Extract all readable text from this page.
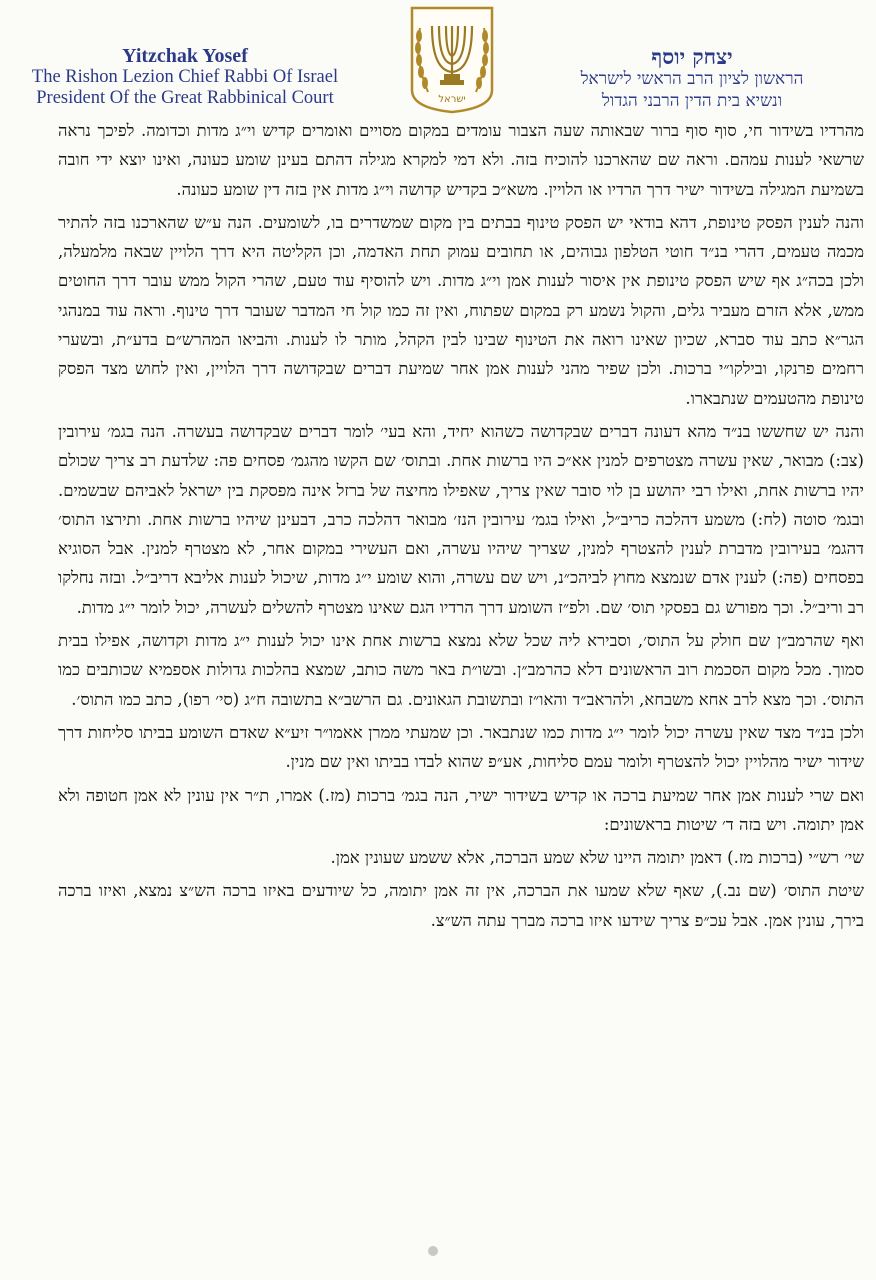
Yitzchak Yosef
The Rishon Lezion Chief Rabbi Of Israel
President Of the Great Rabbinical Court	ישראל
יצחק יוסף
הראשון לציון הרב הראשי לישראל
ונשיא בית הדין הרבני הגדול

מהרדיו בשידור חי, סוף סוף ברור שבאותה שעה הצבור עומדים במקום מסויים ואומרים קדיש וי״ג מדות וכדומה. לפיכך נראה שרשאי לענות עמהם. וראה שם שהארכנו להוכיח בזה. ולא דמי למקרא מגילה דהתם בעינן שומע כעונה, ואינו יוצא ידי חובה בשמיעת המגילה בשידור ישיר דרך הרדיו או הלויין. משא״כ בקדיש קדושה וי״ג מדות אין בזה דין שומע כעונה.

והנה לענין הפסק טינופת, דהא בודאי יש הפסק טינוף בבתים בין מקום שמשדרים בו, לשומעים. הנה ע״ש שהארכנו בזה להתיר מכמה טעמים, דהרי בנ״ד חוטי הטלפון גבוהים, או תחובים עמוק תחת האדמה, וכן הקליטה היא דרך הלויין שבאה מלמעלה, ולכן בכה״ג אף שיש הפסק טינופת אין איסור לענות אמן וי״ג מדות. ויש להוסיף עוד טעם, שהרי הקול ממש עובר דרך החוטים ממש, אלא הזרם מעביר גלים, והקול נשמע רק במקום שפתוח, ואין זה כמו קול חי המדבר שעובר דרך טינוף. וראה עוד במנהגי הגר״א כתב עוד סברא, שכיון שאינו רואה את הטינוף שבינו לבין הקהל, מותר לו לענות. והביאו המהרש״ם בדע״ת, ובשערי רחמים פרנקו, ובילקו״י ברכות. ולכן שפיר מהני לענות אמן אחר שמיעת דברים שבקדושה דרך הלויין, ואין לחוש מצד הפסק טינופת מהטעמים שנתבארו.

והנה יש שחששו בנ״ד מהא דעונה דברים שבקדושה כשהוא יחיד, והא בעי׳ לומר דברים שבקדושה בעשרה. הנה בגמ׳ עירובין (צב:) מבואר, שאין עשרה מצטרפים למנין אא״כ היו ברשות אחת. ובתוס׳ שם הקשו מהגמ׳ פסחים פה: שלדעת רב צריך שכולם יהיו ברשות אחת, ואילו רבי יהושע בן לוי סובר שאין צריך, שאפילו מחיצה של ברזל אינה מפסקת בין ישראל לאביהם שבשמים. ובגמ׳ סוטה (לח:) משמע דהלכה כריב״ל, ואילו בגמ׳ עירובין הנז׳ מבואר דהלכה כרב, דבעינן שיהיו ברשות אחת. ותירצו התוס׳ דהגמ׳ בעירובין מדברת לענין להצטרף למנין, שצריך שיהיו עשרה, ואם העשירי במקום אחר, לא מצטרף למנין. אבל הסוגיא בפסחים (פה:) לענין אדם שנמצא מחוץ לביהכ״נ, ויש שם עשרה, והוא שומע י״ג מדות, שיכול לענות אליבא דריב״ל. ובזה נחלקו רב וריב״ל. וכך מפורש גם בפסקי תוס׳ שם. ולפ״ז השומע דרך הרדיו הגם שאינו מצטרף להשלים לעשרה, יכול לומר י״ג מדות.

ואף שהרמב״ן שם חולק על התוס׳, וסבירא ליה שכל שלא נמצא ברשות אחת אינו יכול לענות י״ג מדות וקדושה, אפילו בבית סמוך. מכל מקום הסכמת רוב הראשונים דלא כהרמב״ן. ובשו״ת באר משה כותב, שמצא בהלכות גדולות אספמיא שכותבים כמו התוס׳. וכך מצא לרב אחא משבחא, ולהראב״ד והאו״ז ובתשובת הגאונים. גם הרשב״א בתשובה ח״ג (סי׳ רפו), כתב כמו התוס׳.

ולכן בנ״ד מצד שאין עשרה יכול לומר י״ג מדות כמו שנתבאר. וכן שמעתי ממרן אאמו״ר זיע״א שאדם השומע בביתו סליחות דרך שידור ישיר מהלויין יכול להצטרף ולומר עמם סליחות, אע״פ שהוא לבדו בביתו ואין שם מנין.

ואם שרי לענות אמן אחר שמיעת ברכה או קדיש בשידור ישיר, הנה בגמ׳ ברכות (מז.) אמרו, ת״ר אין עונין לא אמן חטופה ולא אמן יתומה. ויש בזה ד׳ שיטות בראשונים:

שי׳ רש״י (ברכות מז.) דאמן יתומה היינו שלא שמע הברכה, אלא ששמע שעונין אמן.

שיטת התוס׳ (שם נב.), שאף שלא שמעו את הברכה, אין זה אמן יתומה, כל שיודעים באיזו ברכה הש״צ נמצא, ואיזו ברכה בירך, עונין אמן. אבל עכ״פ צריך שידעו איזו ברכה מברך עתה הש״צ.
